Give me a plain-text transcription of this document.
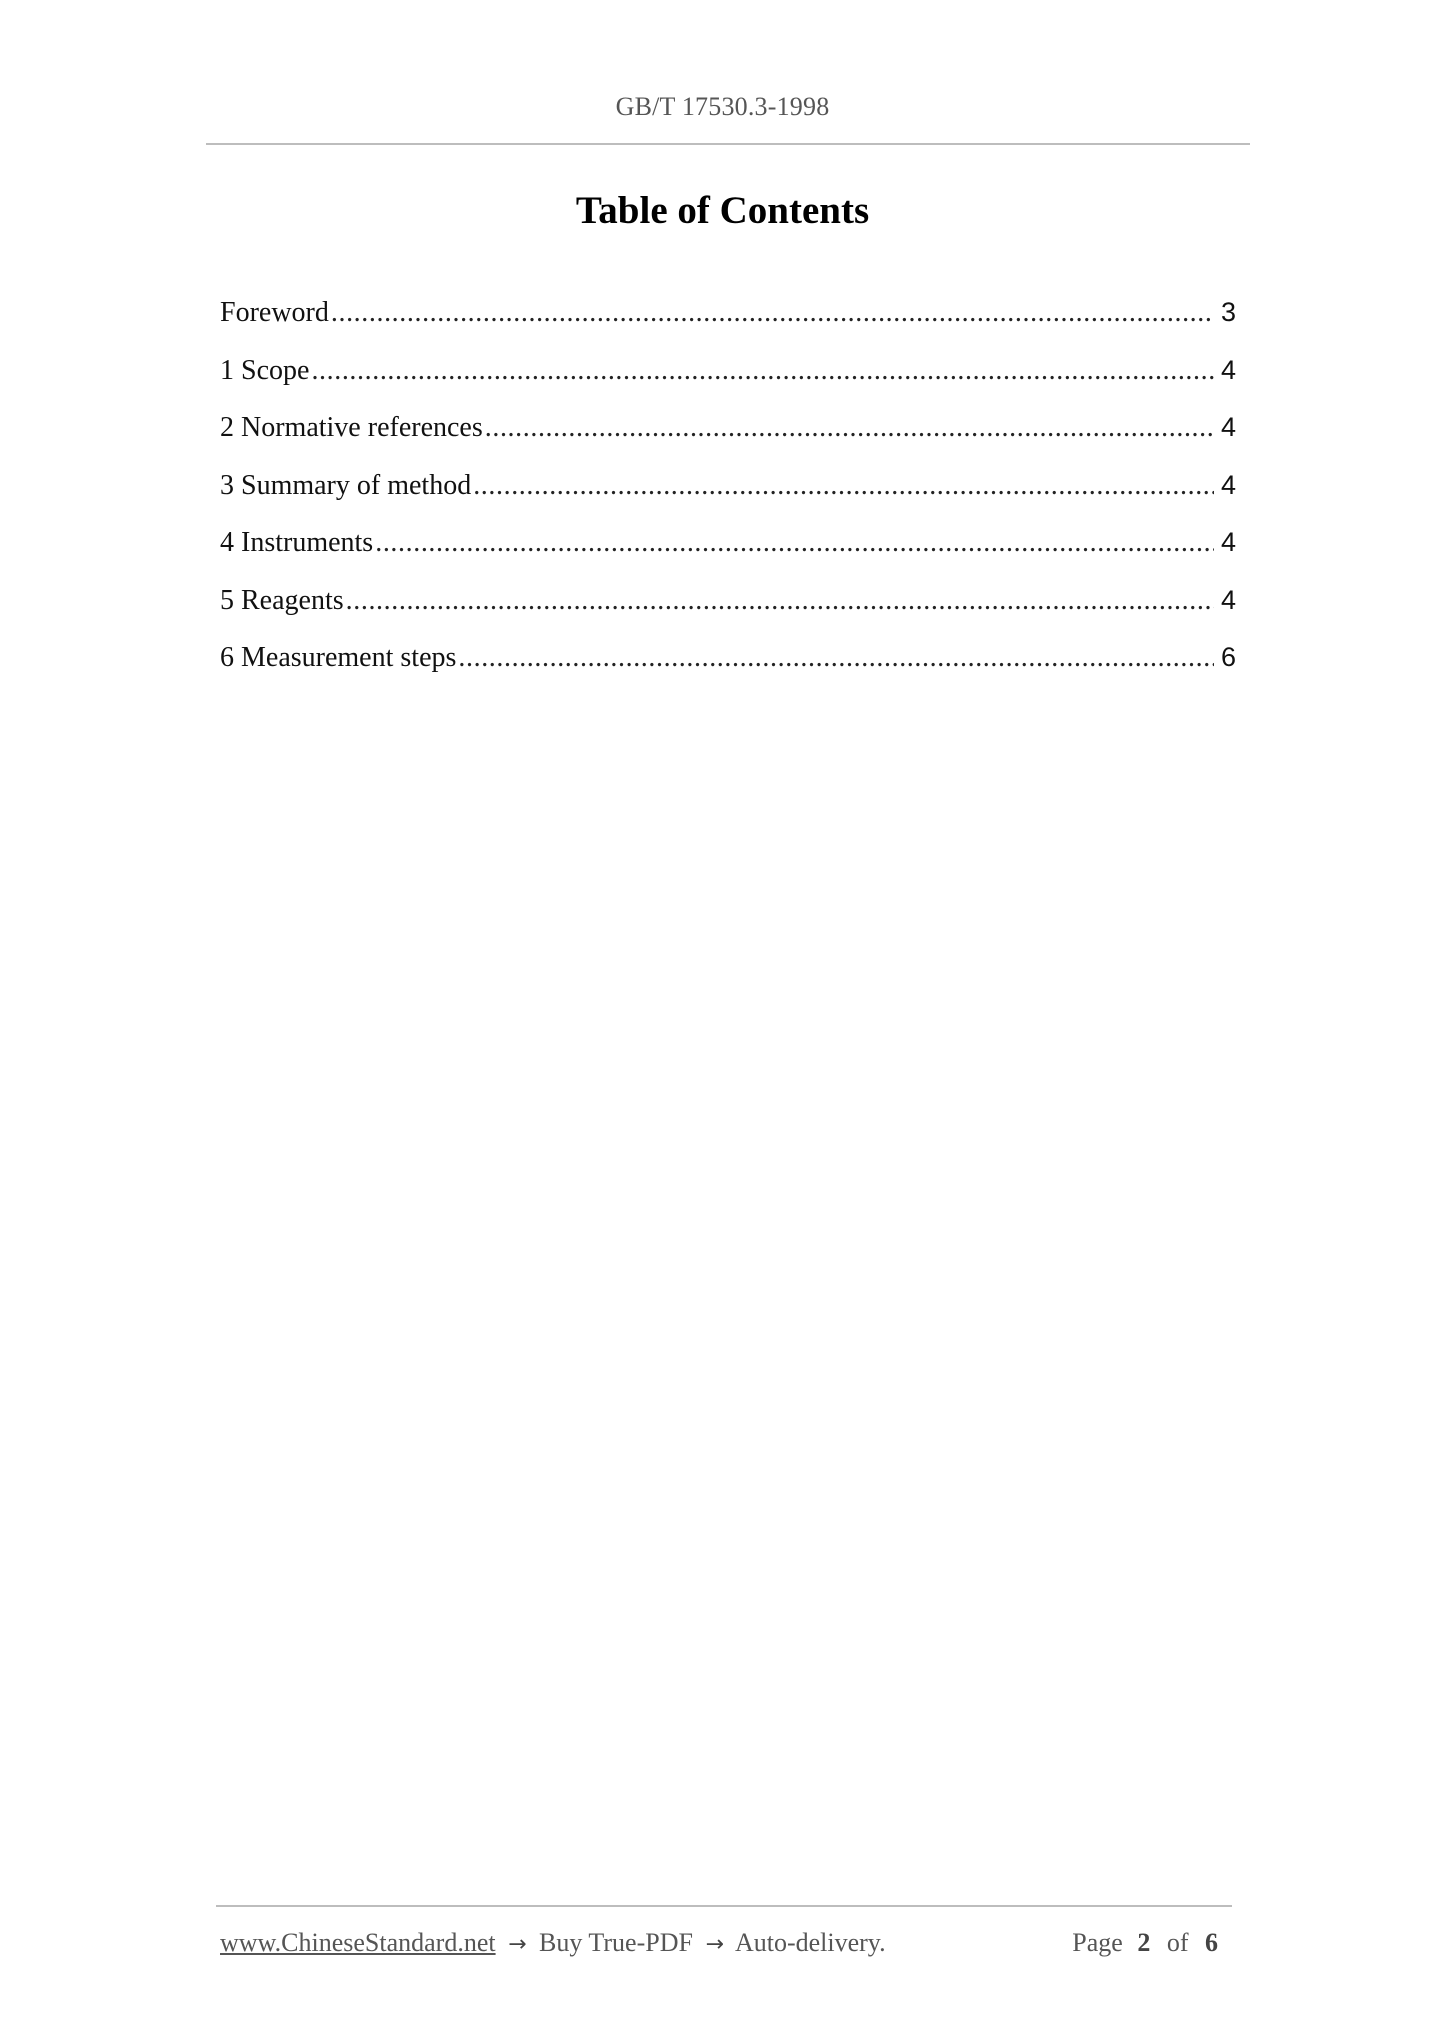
GB/T 17530.3-1998
Table of Contents
Foreword .....	3
1 Scope .....	4
2 Normative references .....	4
3 Summary of method .....	4
4 Instruments .....	4
5 Reagents .....	4
6 Measurement steps .....	6
www.ChineseStandard.net → Buy True-PDF → Auto-delivery.	Page 2 of 6
